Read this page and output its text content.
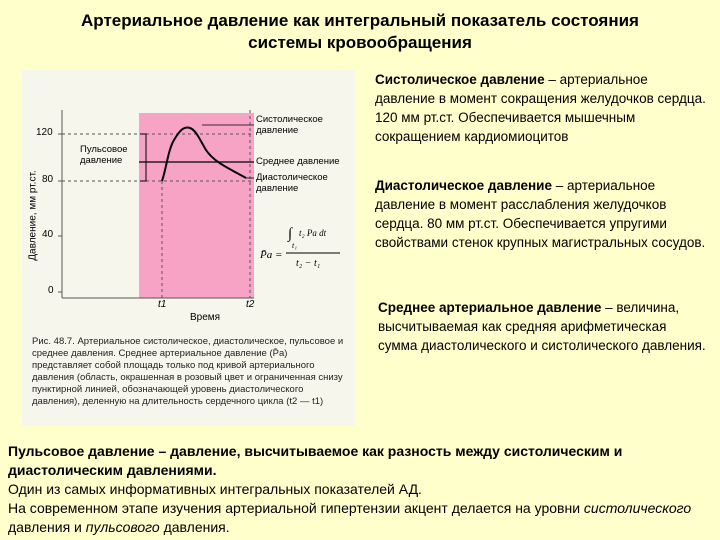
Артериальное давление как интегральный показатель состояния
системы кровообращения
P̄a =
∫ t₂ Pa dt
t₁
t₂ − t₁
Давление, мм рт.ст.
120
80
40
0
t1	t2
Время
Пульсовое давление
Систолическое давление
Среднее давление
Диастолическое давление
Рис. 48.7. Артериальное систолическое, диастолическое, пульсовое и среднее давления. Среднее артериальное давление (P̄a) представляет собой площадь только под кривой артериального давления (область, окрашенная в розовый цвет и ограниченная снизу пунктирной линией, обозначающей уровень диастолического давления), деленную на длительность сердечного цикла (t2 — t1)
Систолическое давление – артериальное давление в момент сокращения желудочков сердца. 120 мм рт.ст. Обеспечивается мышечным сокращением кардиомиоцитов
Диастолическое давление – артериальное давление в момент расслабления желудочков сердца. 80 мм рт.ст. Обеспечивается упругими свойствами стенок крупных магистральных сосудов.
Среднее артериальное давление – величина, высчитываемая как средняя арифметическая сумма диастолического и систолического давления.
Пульсовое давление – давление, высчитываемое как разность между систолическим и диастолическим давлениями.
Один из самых информативных интегральных показателей АД.
На современном этапе изучения артериальной гипертензии акцент делается на уровни систолического давления и пульсового давления.
